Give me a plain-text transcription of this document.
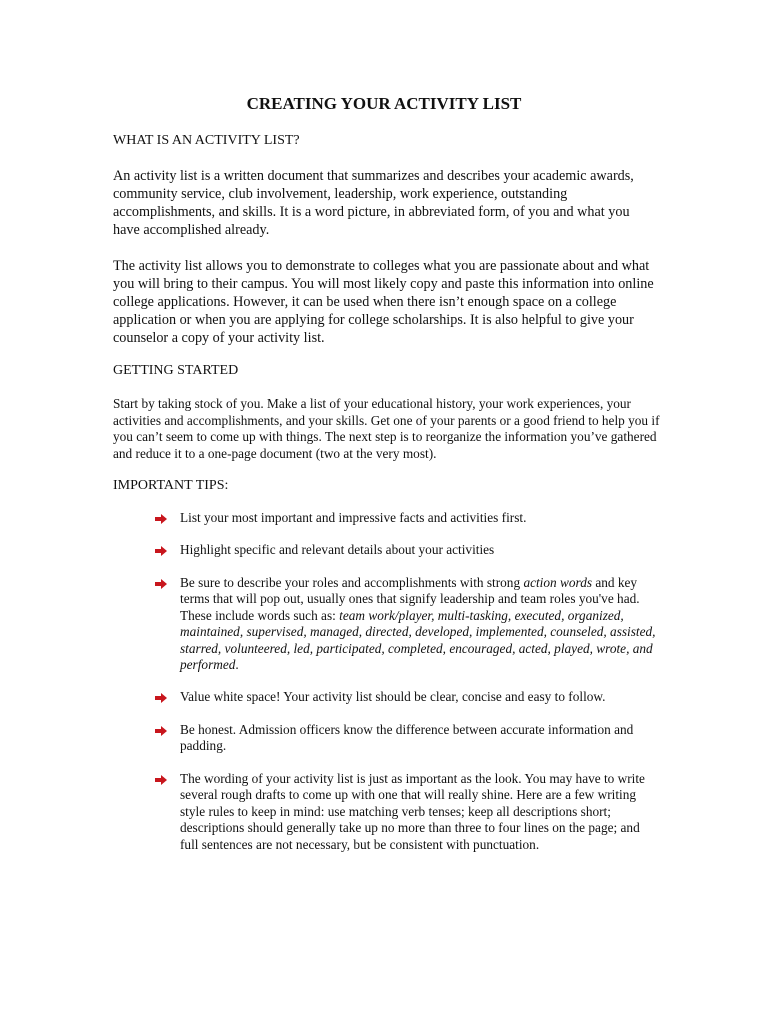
CREATING YOUR ACTIVITY LIST
WHAT IS AN ACTIVITY LIST?
An activity list is a written document that summarizes and describes your academic awards, community service, club involvement, leadership, work experience, outstanding accomplishments, and skills. It is a word picture, in abbreviated form, of you and what you have accomplished already.
The activity list allows you to demonstrate to colleges what you are passionate about and what you will bring to their campus. You will most likely copy and paste this information into online college applications. However, it can be used when there isn’t enough space on a college application or when you are applying for college scholarships. It is also helpful to give your counselor a copy of your activity list.
GETTING STARTED
Start by taking stock of you. Make a list of your educational history, your work experiences, your activities and accomplishments, and your skills. Get one of your parents or a good friend to help you if you can’t seem to come up with things. The next step is to reorganize the information you’ve gathered and reduce it to a one-page document (two at the very most).
IMPORTANT TIPS:
List your most important and impressive facts and activities first.
Highlight specific and relevant details about your activities
Be sure to describe your roles and accomplishments with strong action words and key terms that will pop out, usually ones that signify leadership and team roles you've had. These include words such as: team work/player, multi-tasking, executed, organized, maintained, supervised, managed, directed, developed, implemented, counseled, assisted, starred, volunteered, led, participated, completed, encouraged, acted, played, wrote, and performed.
Value white space! Your activity list should be clear, concise and easy to follow.
Be honest. Admission officers know the difference between accurate information and padding.
The wording of your activity list is just as important as the look. You may have to write several rough drafts to come up with one that will really shine. Here are a few writing style rules to keep in mind: use matching verb tenses; keep all descriptions short; descriptions should generally take up no more than three to four lines on the page; and full sentences are not necessary, but be consistent with punctuation.
